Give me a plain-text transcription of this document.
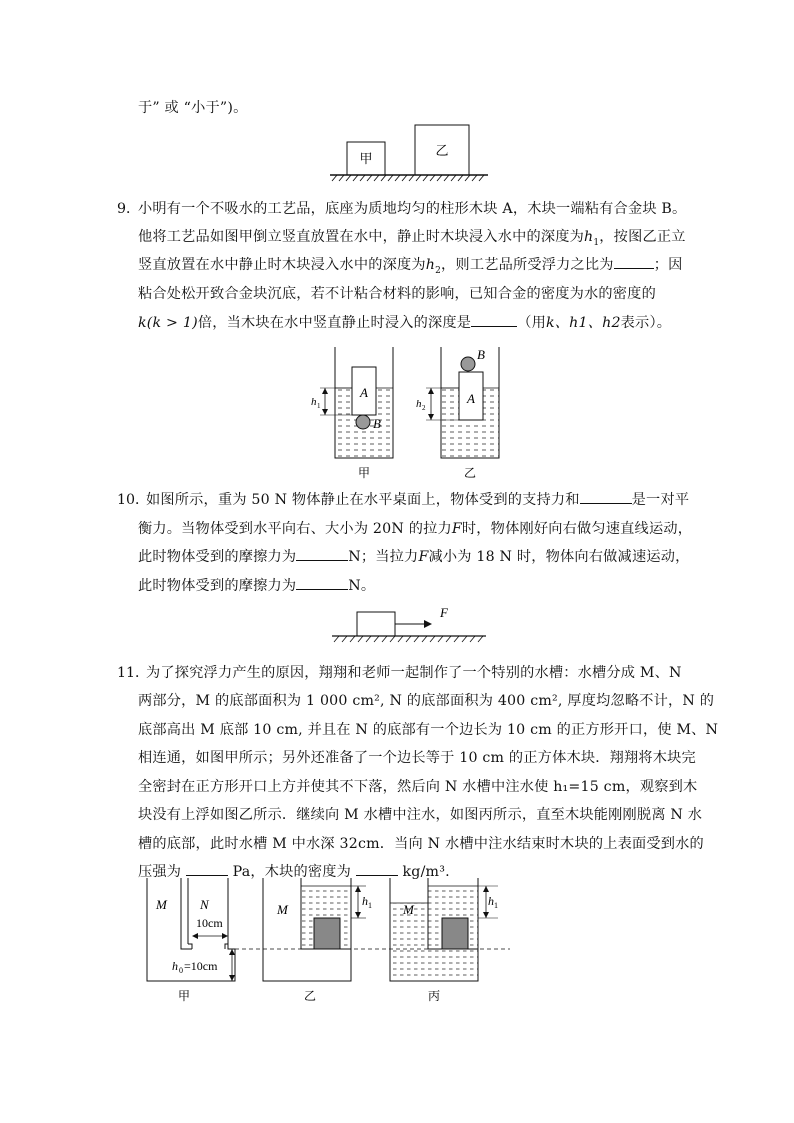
于” 或 “小于”)。
甲
乙
9．
小明有一个不吸水的工艺品，底座为质地均匀的柱形木块 A，木块一端粘有合金块 B。
他将工艺品如图甲倒立竖直放置在水中，静止时木块浸入水中的深度为$h_1$，按图乙正立
竖直放置在水中静止时木块浸入水中的深度为$h_2$，则工艺品所受浮力之比为	；因
粘合处松开致合金块沉底，若不计粘合材料的影响，已知合金的密度为水的密度的
k(k > 1)倍，当木块在水中竖直静止时浸入的深度是	（用k、h1、h2表示）。
A
B
h 1	A
B
h 2
甲	乙
10．
如图所示，重为 50 N 物体静止在水平桌面上，物体受到的支持力和	是一对平
衡力。当物体受到水平向右、大小为 20N 的拉力F时，物体刚好向右做匀速直线运动，
此时物体受到的摩擦力为	N；当拉力F减小为 18 N 时，物体向右做减速运动，
此时物体受到的摩擦力为	N。
F
11．
为了探究浮力产生的原因，翔翔和老师一起制作了一个特别的水槽：水槽分成 M、N
两部分，M 的底部面积为 1 000 cm², N 的底部面积为 400 cm², 厚度均忽略不计，N 的
底部高出 M 底部 10 cm, 并且在 N 的底部有一个边长为 10 cm 的正方形开口，使 M、N
相连通，如图甲所示；另外还准备了一个边长等于 10 cm 的正方体木块．翔翔将木块完
全密封在正方形开口上方并使其不下落，然后向 N 水槽中注水使 h₁=15 cm，观察到木
块没有上浮如图乙所示．继续向 M 水槽中注水，如图丙所示，直至木块能刚刚脱离 N 水
槽的底部，此时水槽 M 中水深 32cm．当向 N 水槽中注水结束时木块的上表面受到水的
压强为	Pa，木块的密度为	kg/m³.
M	N
10cm
h 0 =10cm
甲
M
h 1
乙
M
h 1
丙
